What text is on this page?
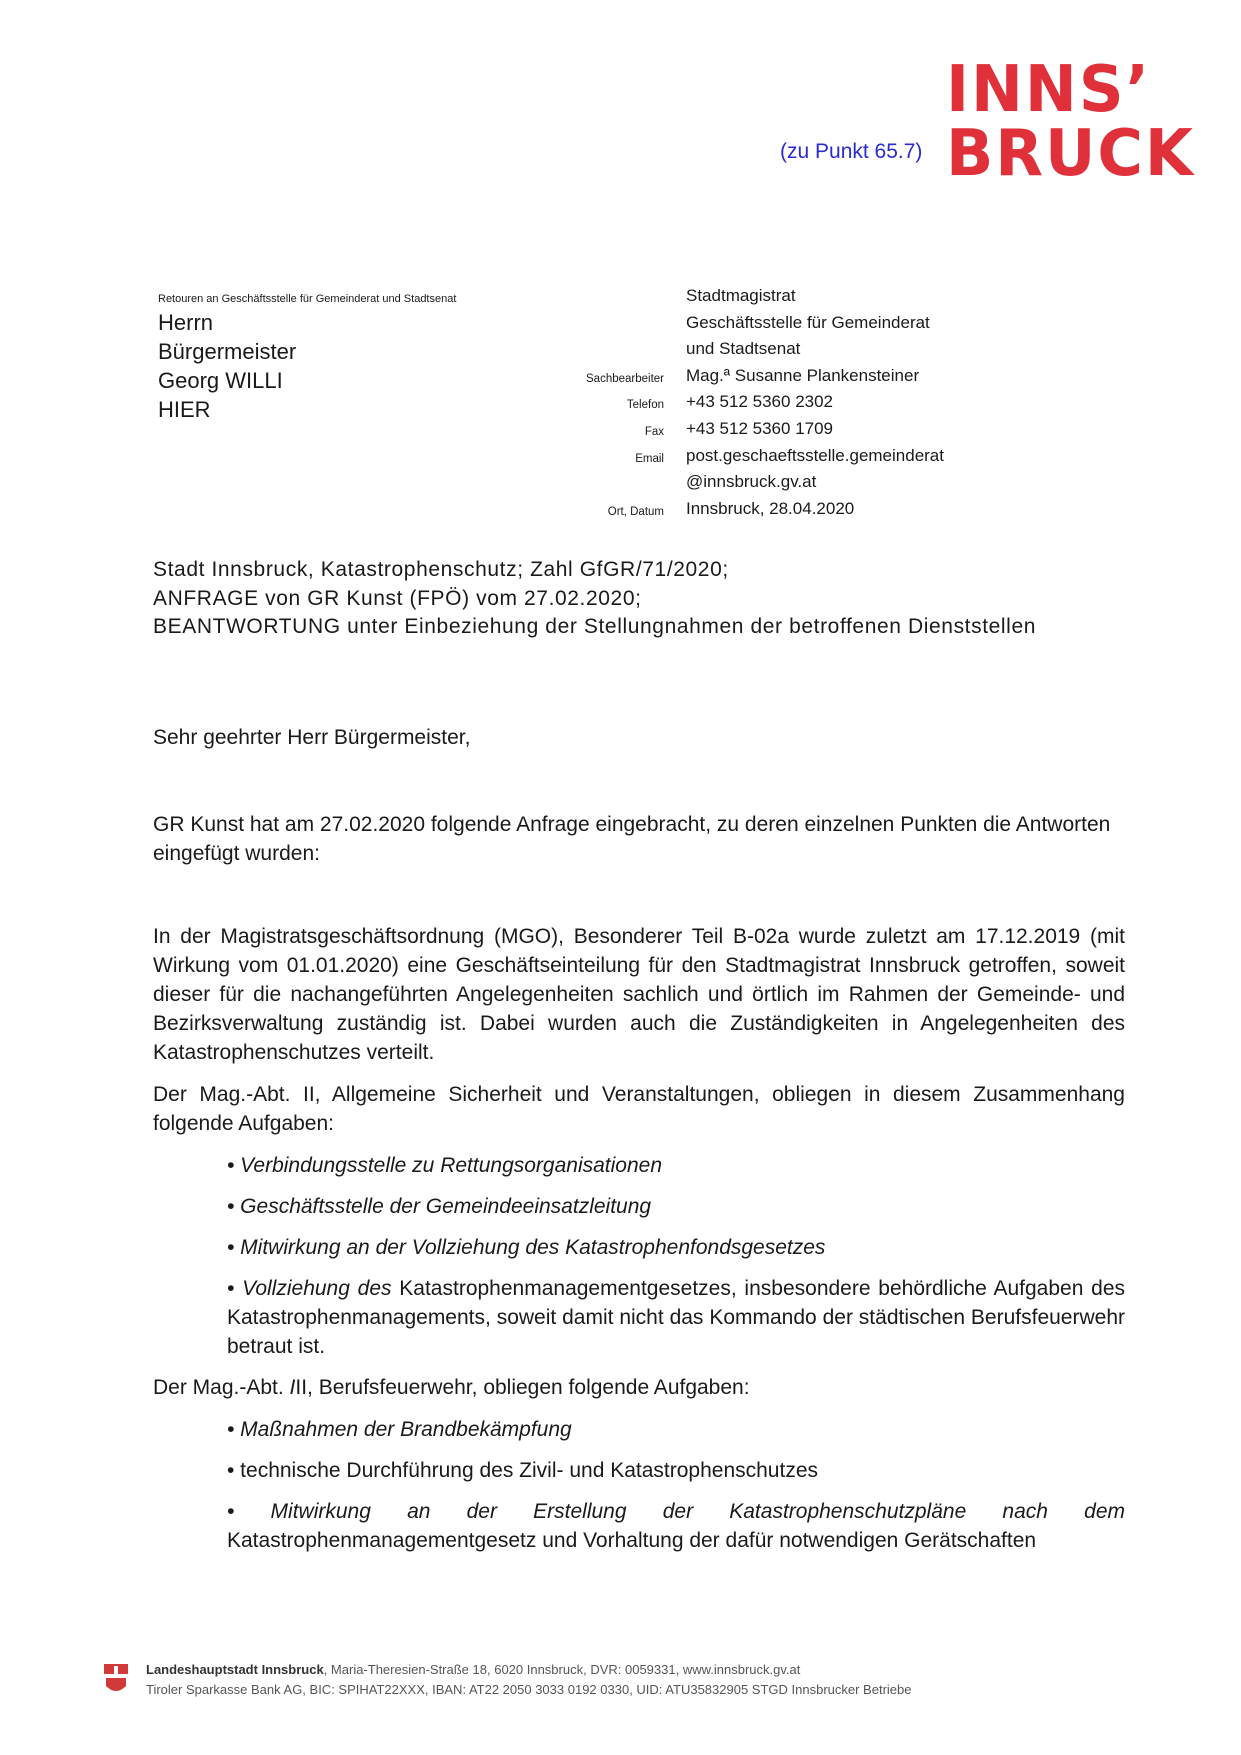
(zu Punkt 65.7)
INNS’
BRUCK
Retouren an Geschäftsstelle für Gemeinderat und Stadtsenat
Herrn
Bürgermeister
Georg WILLI
HIER
Sachbearbeiter
Telefon
Fax
Email
Ort, Datum
Stadtmagistrat
Geschäftsstelle für Gemeinderat
und Stadtsenat
Mag.ª Susanne Plankensteiner
+43 512 5360 2302
+43 512 5360 1709
post.geschaeftsstelle.gemeinderat
@innsbruck.gv.at
Innsbruck, 28.04.2020
Stadt Innsbruck, Katastrophenschutz; Zahl GfGR/71/2020;
ANFRAGE von GR Kunst (FPÖ) vom 27.02.2020;
BEANTWORTUNG unter Einbeziehung der Stellungnahmen der betroffenen Dienststellen
Sehr geehrter Herr Bürgermeister,
GR Kunst hat am 27.02.2020 folgende Anfrage eingebracht, zu deren einzelnen Punkten die Antworten eingefügt wurden:

In der Magistratsgeschäftsordnung (MGO), Besonderer Teil B-02a wurde zuletzt am 17.12.2019 (mit Wirkung vom 01.01.2020) eine Geschäftseinteilung für den Stadtmagistrat Innsbruck getroffen, soweit dieser für die nachangeführten Angelegenheiten sachlich und örtlich im Rahmen der Gemeinde- und Bezirksverwaltung zuständig ist. Dabei wurden auch die Zuständigkeiten in Angelegenheiten des Katastrophenschutzes verteilt.

Der Mag.-Abt. II, Allgemeine Sicherheit und Veranstaltungen, obliegen in diesem Zusammenhang folgende Aufgaben:

• Verbindungsstelle zu Rettungsorganisationen
• Geschäftsstelle der Gemeindeeinsatzleitung
• Mitwirkung an der Vollziehung des Katastrophenfondsgesetzes
• Vollziehung des Katastrophenmanagementgesetzes, insbesondere behördliche Aufgaben des Katastrophenmanagements, soweit damit nicht das Kommando der städtischen Berufsfeuerwehr betraut ist.

Der Mag.-Abt. III, Berufsfeuerwehr, obliegen folgende Aufgaben:

• Maßnahmen der Brandbekämpfung
• technische Durchführung des Zivil- und Katastrophenschutzes
• Mitwirkung an der Erstellung der Katastrophenschutzpläne nach dem Katastrophenmanagementgesetz und Vorhaltung der dafür notwendigen Gerätschaften
Landeshauptstadt Innsbruck, Maria-Theresien-Straße 18, 6020 Innsbruck, DVR: 0059331, www.innsbruck.gv.at
Tiroler Sparkasse Bank AG, BIC: SPIHAT22XXX, IBAN: AT22 2050 3033 0192 0330, UID: ATU35832905 STGD Innsbrucker Betriebe
